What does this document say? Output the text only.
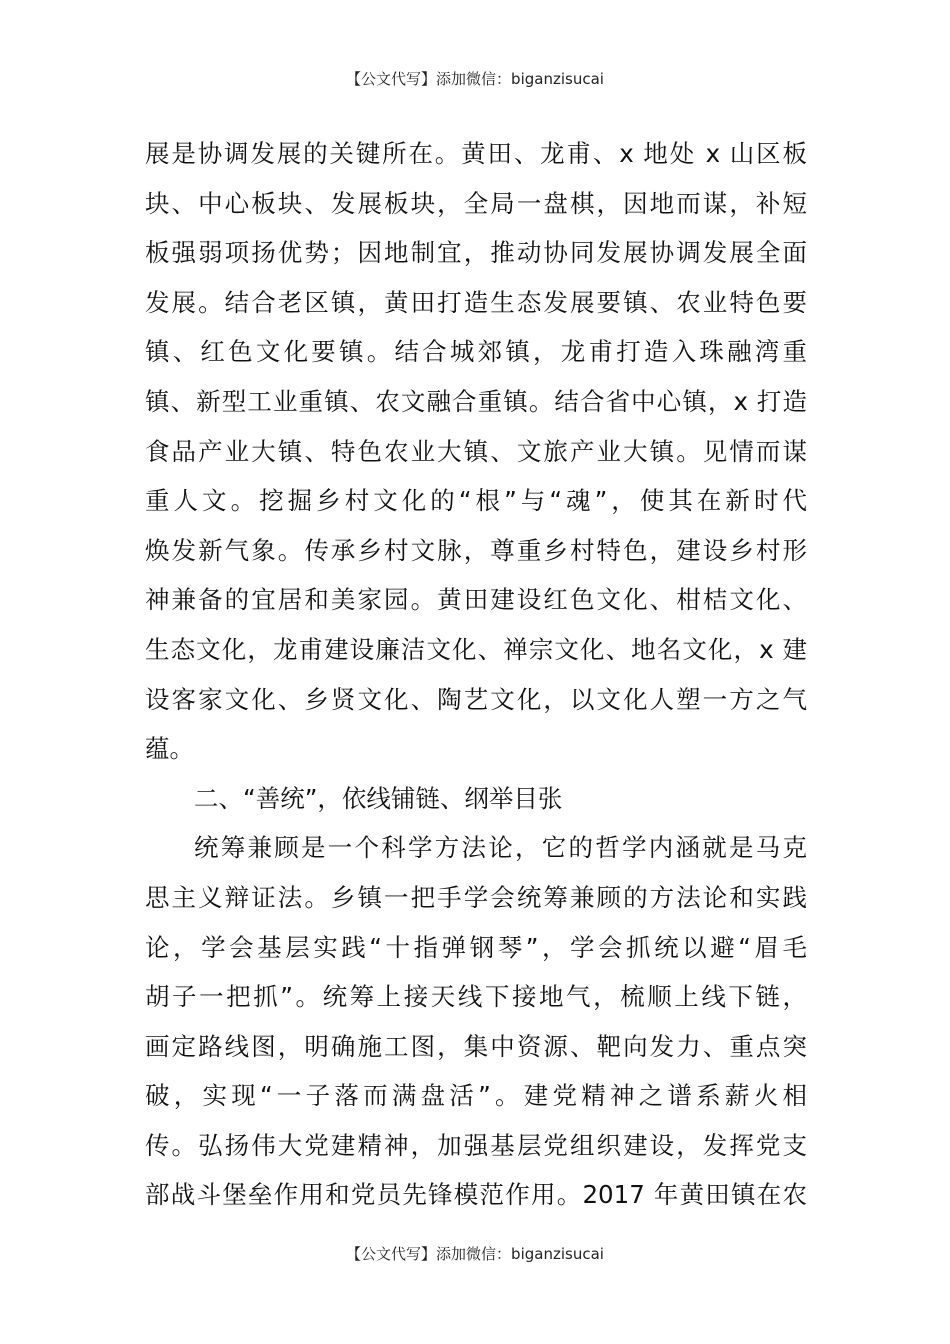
【公文代写】添加微信：biganzisucai
展是协调发展的关键所在。黄田、龙甫、x 地处 x 山区板
块、中心板块、发展板块，全局一盘棋，因地而谋，补短
板强弱项扬优势；因地制宜，推动协同发展协调发展全面
发展。结合老区镇，黄田打造生态发展要镇、农业特色要
镇、红色文化要镇。结合城郊镇，龙甫打造入珠融湾重
镇、新型工业重镇、农文融合重镇。结合省中心镇，x 打造
食品产业大镇、特色农业大镇、文旅产业大镇。见情而谋
重人文。挖掘乡村文化的“根”与“魂”，使其在新时代
焕发新气象。传承乡村文脉，尊重乡村特色，建设乡村形
神兼备的宜居和美家园。黄田建设红色文化、柑桔文化、
生态文化，龙甫建设廉洁文化、禅宗文化、地名文化，x 建
设客家文化、乡贤文化、陶艺文化，以文化人塑一方之气
蕴。
二、“善统”，依线铺链、纲举目张
统筹兼顾是一个科学方法论，它的哲学内涵就是马克
思主义辩证法。乡镇一把手学会统筹兼顾的方法论和实践
论，学会基层实践“十指弹钢琴”，学会抓统以避“眉毛
胡子一把抓”。统筹上接天线下接地气，梳顺上线下链，
画定路线图，明确施工图，集中资源、靶向发力、重点突
破，实现“一子落而满盘活”。建党精神之谱系薪火相
传。弘扬伟大党建精神，加强基层党组织建设，发挥党支
部战斗堡垒作用和党员先锋模范作用。2017 年黄田镇在农
【公文代写】添加微信：biganzisucai
